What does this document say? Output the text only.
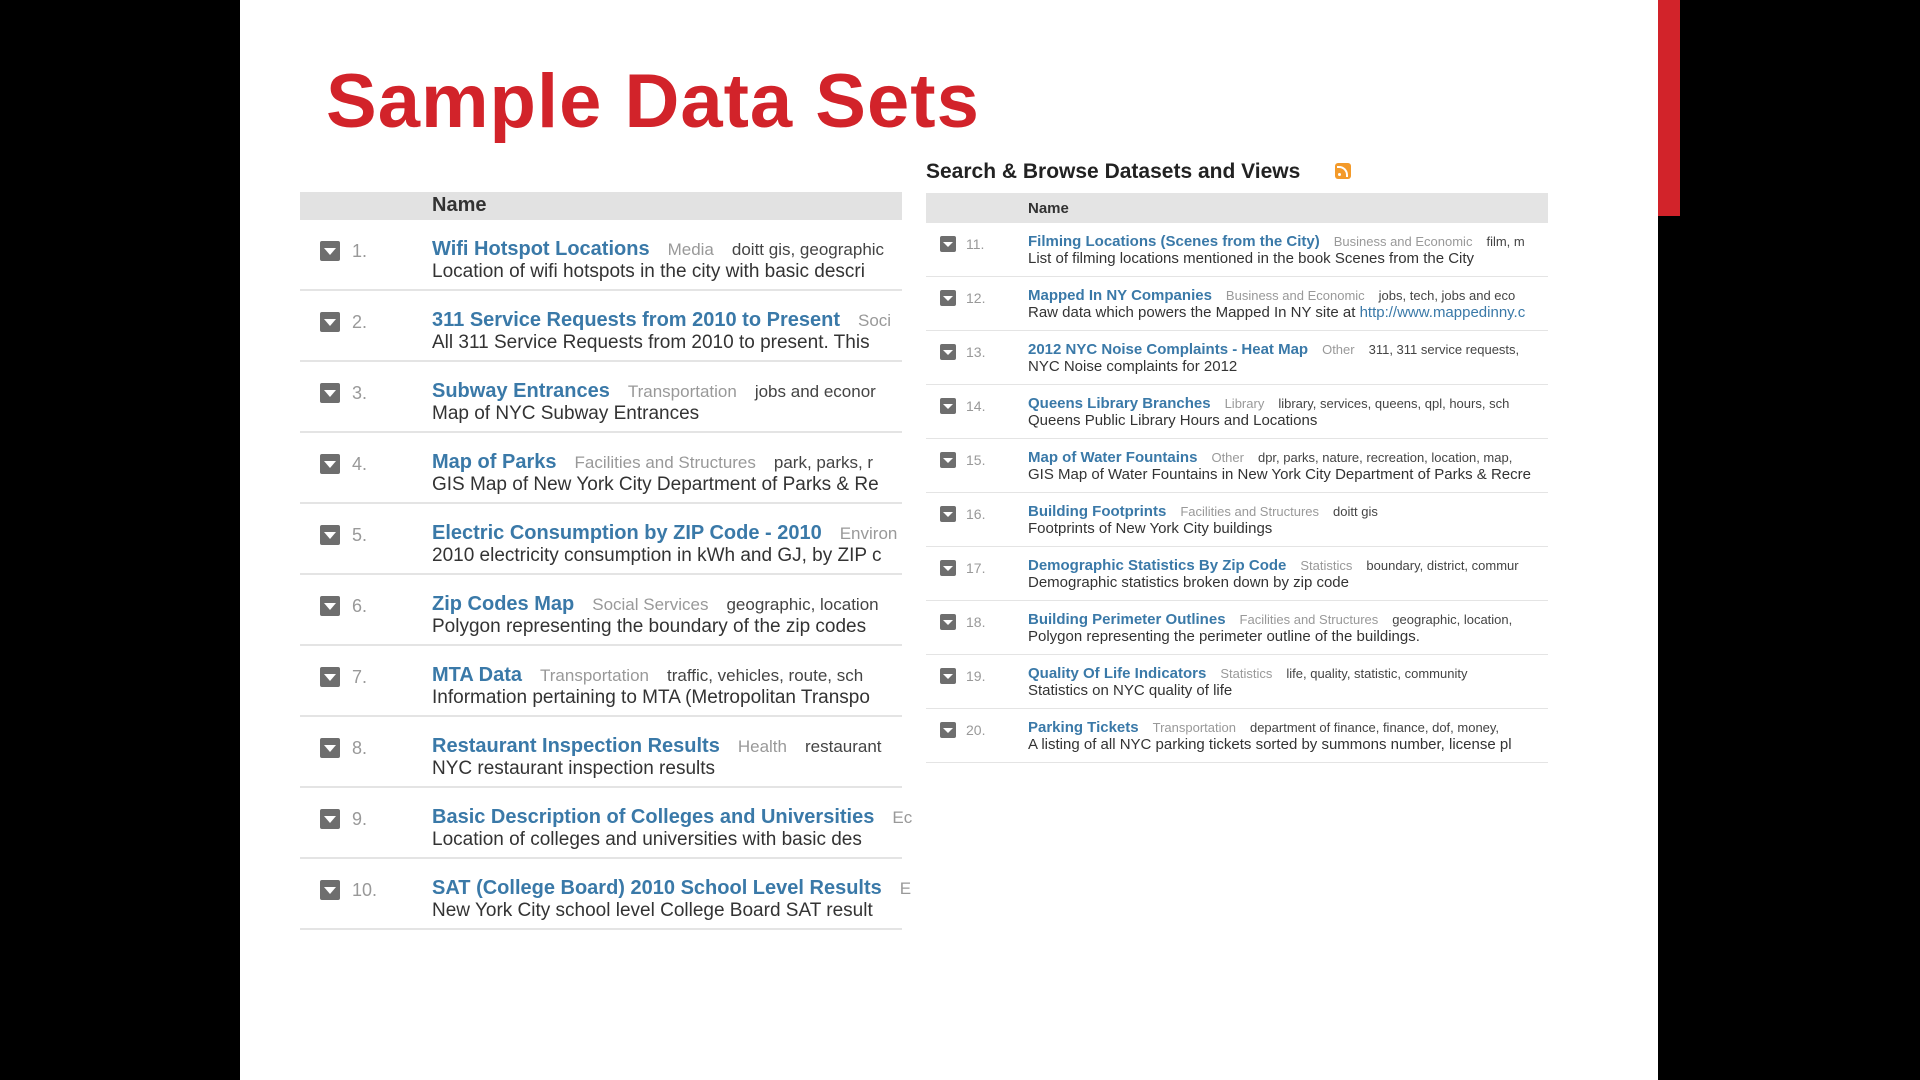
Sample Data Sets
Name
1.	Wifi Hotspot Locations Media doitt gis, geographic
Location of wifi hotspots in the city with basic descri
2.	311 Service Requests from 2010 to Present Soci
All 311 Service Requests from 2010 to present. This
3.	Subway Entrances Transportation jobs and econor
Map of NYC Subway Entrances
4.	Map of Parks Facilities and Structures park, parks, r
GIS Map of New York City Department of Parks & Re
5.	Electric Consumption by ZIP Code - 2010 Environ
2010 electricity consumption in kWh and GJ, by ZIP c
6.	Zip Codes Map Social Services geographic, location
Polygon representing the boundary of the zip codes
7.	MTA Data Transportation traffic, vehicles, route, sch
Information pertaining to MTA (Metropolitan Transpo
8.	Restaurant Inspection Results Health restaurant
NYC restaurant inspection results
9.	Basic Description of Colleges and Universities Ec
Location of colleges and universities with basic des
10.	SAT (College Board) 2010 School Level Results E
New York City school level College Board SAT result
Search & Browse Datasets and Views
Name
11.	Filming Locations (Scenes from the City) Business and Economic film, m
List of filming locations mentioned in the book Scenes from the City
12.	Mapped In NY Companies Business and Economic jobs, tech, jobs and eco
Raw data which powers the Mapped In NY site at http://www.mappedinny.c
13.	2012 NYC Noise Complaints - Heat Map Other 311, 311 service requests,
NYC Noise complaints for 2012
14.	Queens Library Branches Library library, services, queens, qpl, hours, sch
Queens Public Library Hours and Locations
15.	Map of Water Fountains Other dpr, parks, nature, recreation, location, map,
GIS Map of Water Fountains in New York City Department of Parks & Recre
16.	Building Footprints Facilities and Structures doitt gis
Footprints of New York City buildings
17.	Demographic Statistics By Zip Code Statistics boundary, district, commur
Demographic statistics broken down by zip code
18.	Building Perimeter Outlines Facilities and Structures geographic, location,
Polygon representing the perimeter outline of the buildings.
19.	Quality Of Life Indicators Statistics life, quality, statistic, community
Statistics on NYC quality of life
20.	Parking Tickets Transportation department of finance, finance, dof, money,
A listing of all NYC parking tickets sorted by summons number, license pl
